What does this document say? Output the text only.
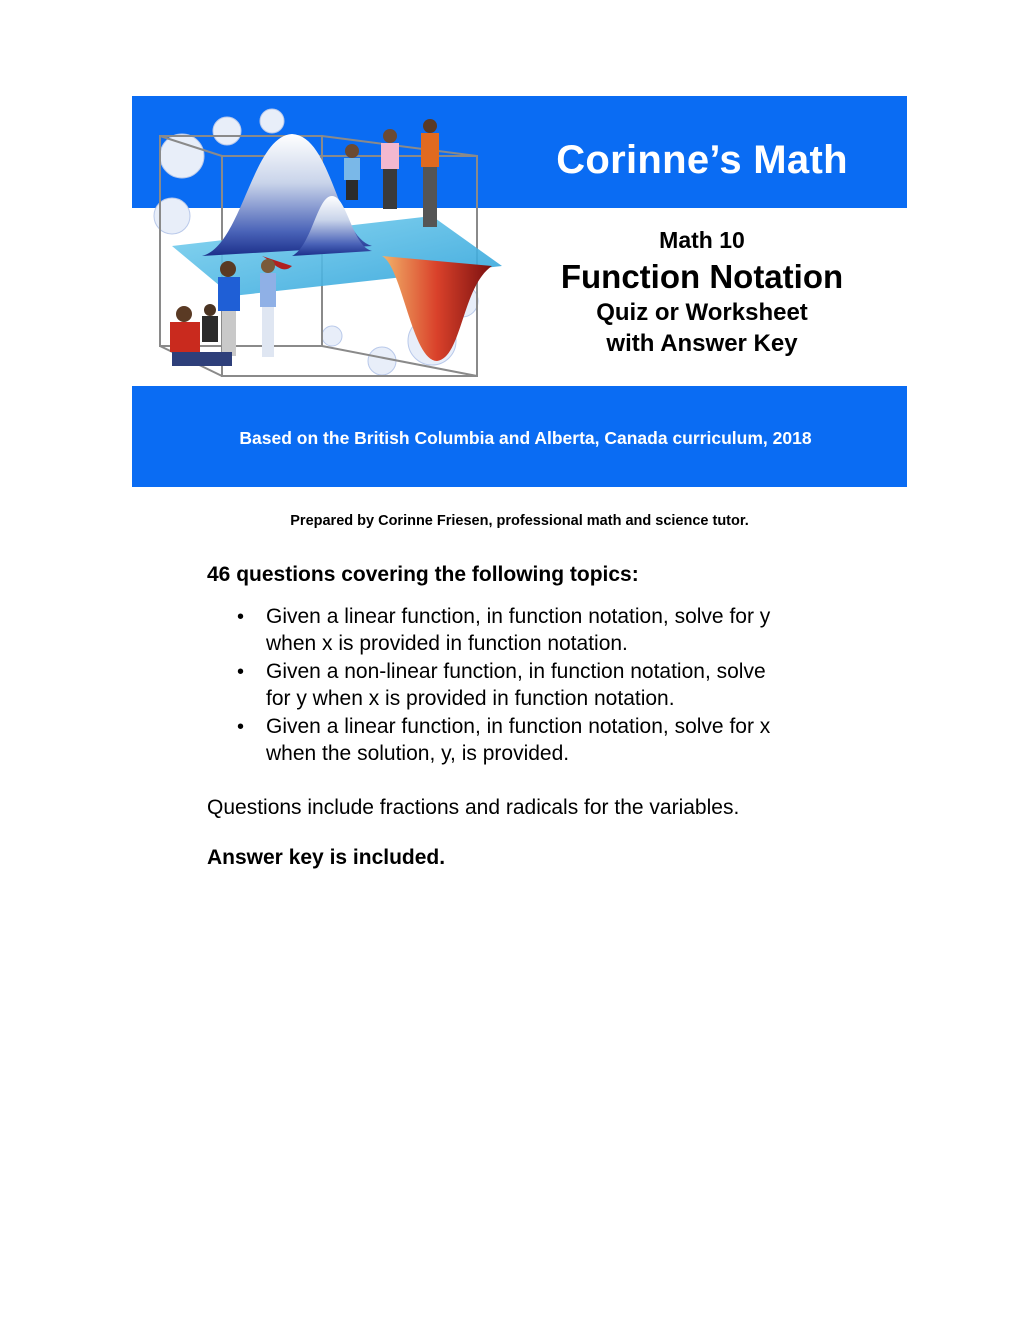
Corinne’s Math
Math 10
Function Notation
Quiz or Worksheet
with Answer Key
Based on the British Columbia and Alberta, Canada curriculum, 2018
Prepared by Corinne Friesen, professional math and science tutor.
46 questions covering the following topics:
• Given a linear function, in function notation, solve for y
when x is provided in function notation.
• Given a non-linear function, in function notation, solve
for y when x is provided in function notation.
• Given a linear function, in function notation, solve for x
when the solution, y, is provided.

Questions include fractions and radicals for the variables.

Answer key is included.
